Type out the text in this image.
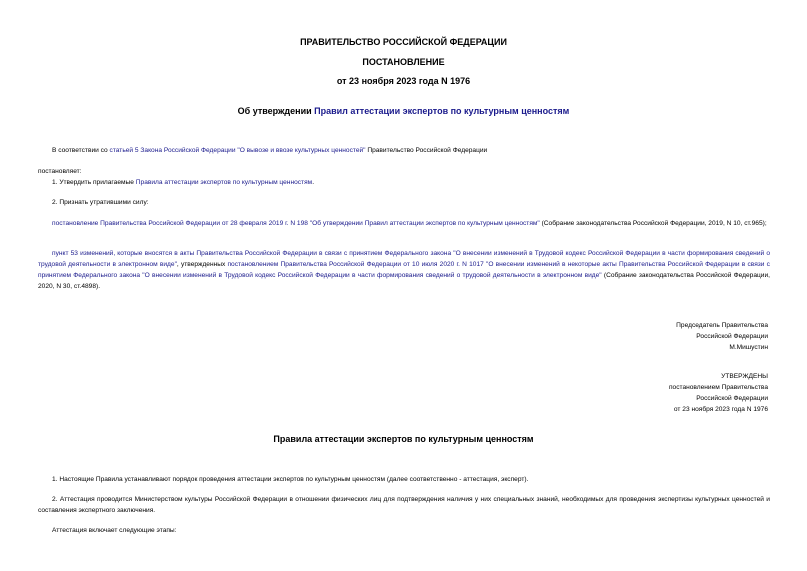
ПРАВИТЕЛЬСТВО РОССИЙСКОЙ ФЕДЕРАЦИИ
ПОСТАНОВЛЕНИЕ
от 23 ноября 2023 года N 1976
Об утверждении Правил аттестации экспертов по культурным ценностям
В соответствии со статьей 5 Закона Российской Федерации "О вывозе и ввозе культурных ценностей" Правительство Российской Федерации
постановляет:
1. Утвердить прилагаемые Правила аттестации экспертов по культурным ценностям.
2. Признать утратившими силу:
постановление Правительства Российской Федерации от 28 февраля 2019 г. N 198 "Об утверждении Правил аттестации экспертов по культурным ценностям" (Собрание законодательства Российской Федерации, 2019, N 10, ст.965);
пункт 53 изменений, которые вносятся в акты Правительства Российской Федерации в связи с принятием Федерального закона "О внесении изменений в Трудовой кодекс Российской Федерации в части формирования сведений о трудовой деятельности в электронном виде", утвержденных постановлением Правительства Российской Федерации от 10 июля 2020 г. N 1017 "О внесении изменений в некоторые акты Правительства Российской Федерации в связи с принятием Федерального закона "О внесении изменений в Трудовой кодекс Российской Федерации в части формирования сведений о трудовой деятельности в электронном виде" (Собрание законодательства Российской Федерации, 2020, N 30, ст.4898).
Председатель Правительства
Российской Федерации
М.Мишустин
УТВЕРЖДЕНЫ
постановлением Правительства
Российской Федерации
от 23 ноября 2023 года N 1976
Правила аттестации экспертов по культурным ценностям
1. Настоящие Правила устанавливают порядок проведения аттестации экспертов по культурным ценностям (далее соответственно - аттестация, эксперт).
2. Аттестация проводится Министерством культуры Российской Федерации в отношении физических лиц для подтверждения наличия у них специальных знаний, необходимых для проведения экспертизы культурных ценностей и составления экспертного заключения.
Аттестация включает следующие этапы:
